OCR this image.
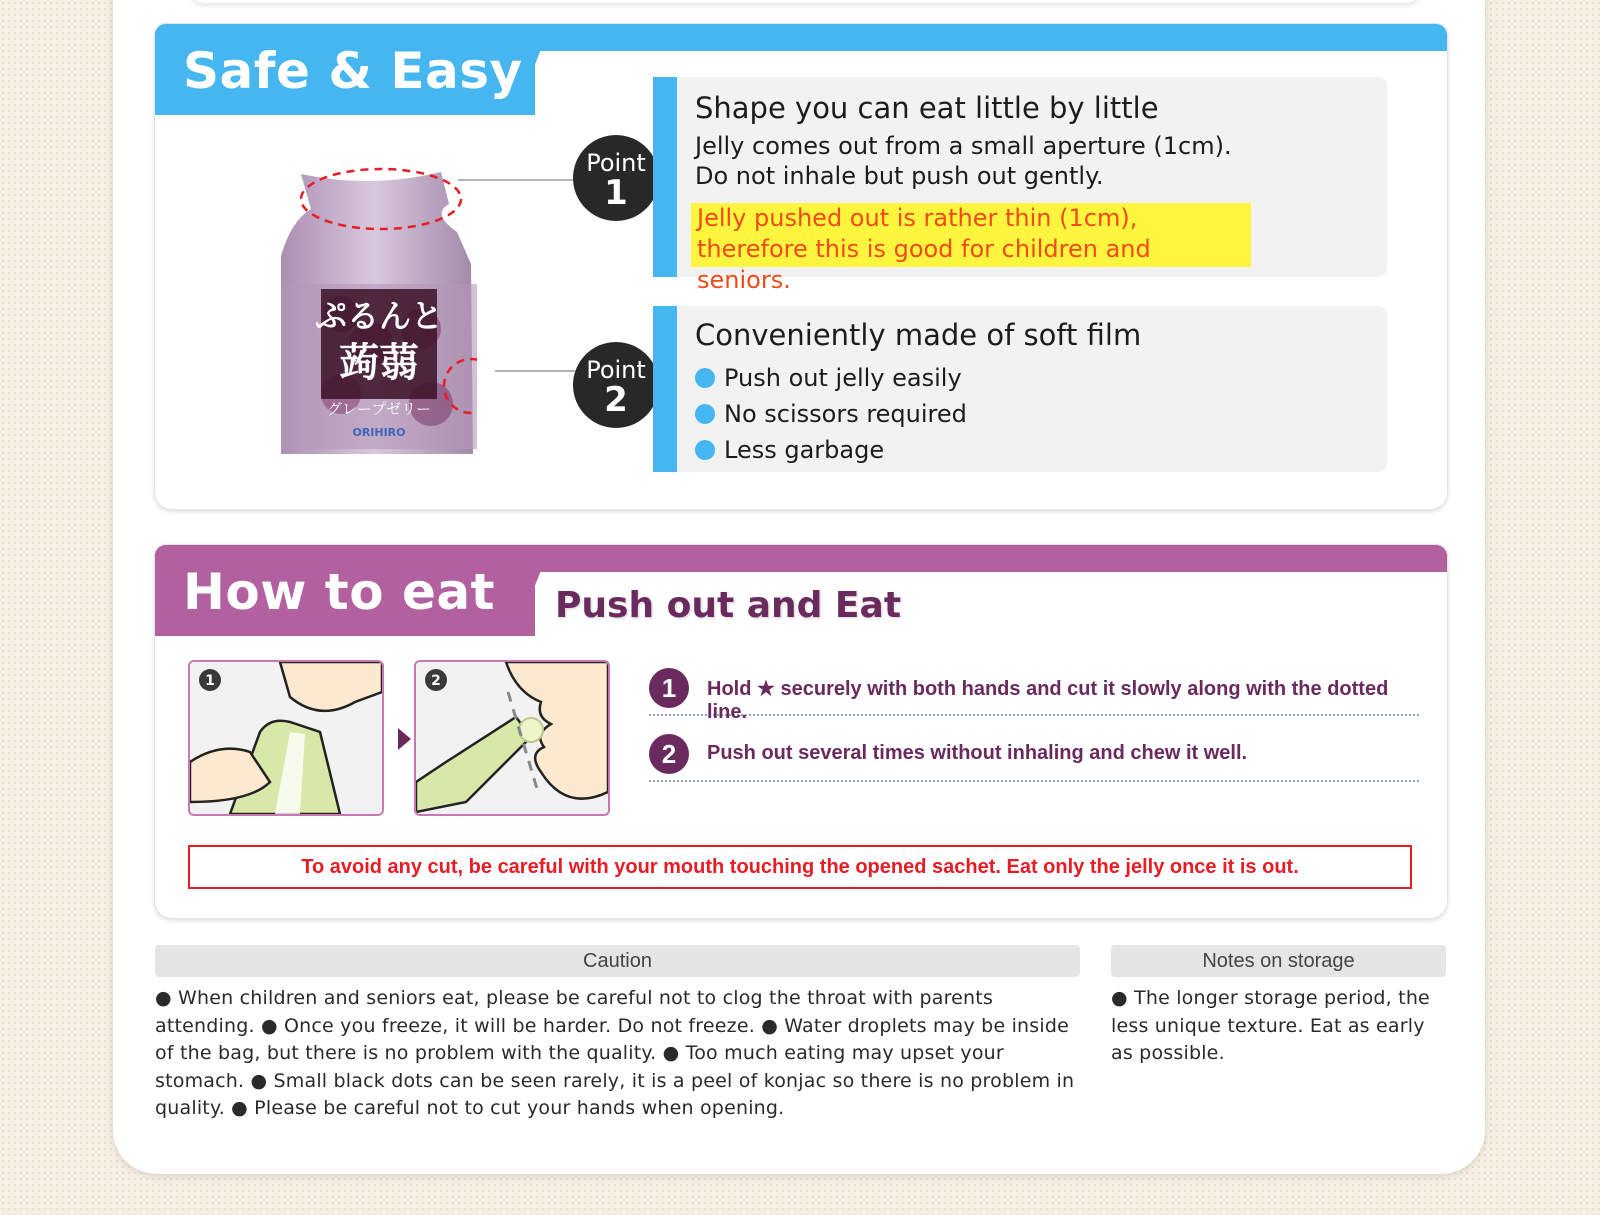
Safe & Easy
ぷるんと
蒟蒻
グレープゼリー
ORIHIRO
Point
1
Point
2
Shape you can eat little by little
Jelly comes out from a small aperture (1cm).
Do not inhale but push out gently.
Jelly pushed out is rather thin (1cm), therefore this is good for children and seniors.
Conveniently made of soft film
Push out jelly easily
No scissors required
Less garbage
How to eat Push out and Eat
1	2	1	Hold ★ securely with both hands and cut it slowly along with the dotted line.
2	Push out several times without inhaling and chew it well.
To avoid any cut, be careful with your mouth touching the opened sachet. Eat only the jelly once it is out.
Caution
● When children and seniors eat, please be careful not to clog the throat with parents attending. ● Once you freeze, it will be harder. Do not freeze. ● Water droplets may be inside of the bag, but there is no problem with the quality. ● Too much eating may upset your stomach. ● Small black dots can be seen rarely, it is a peel of konjac so there is no problem in quality. ● Please be careful not to cut your hands when opening.
Notes on storage
● The longer storage period, the less unique texture. Eat as early as possible.
